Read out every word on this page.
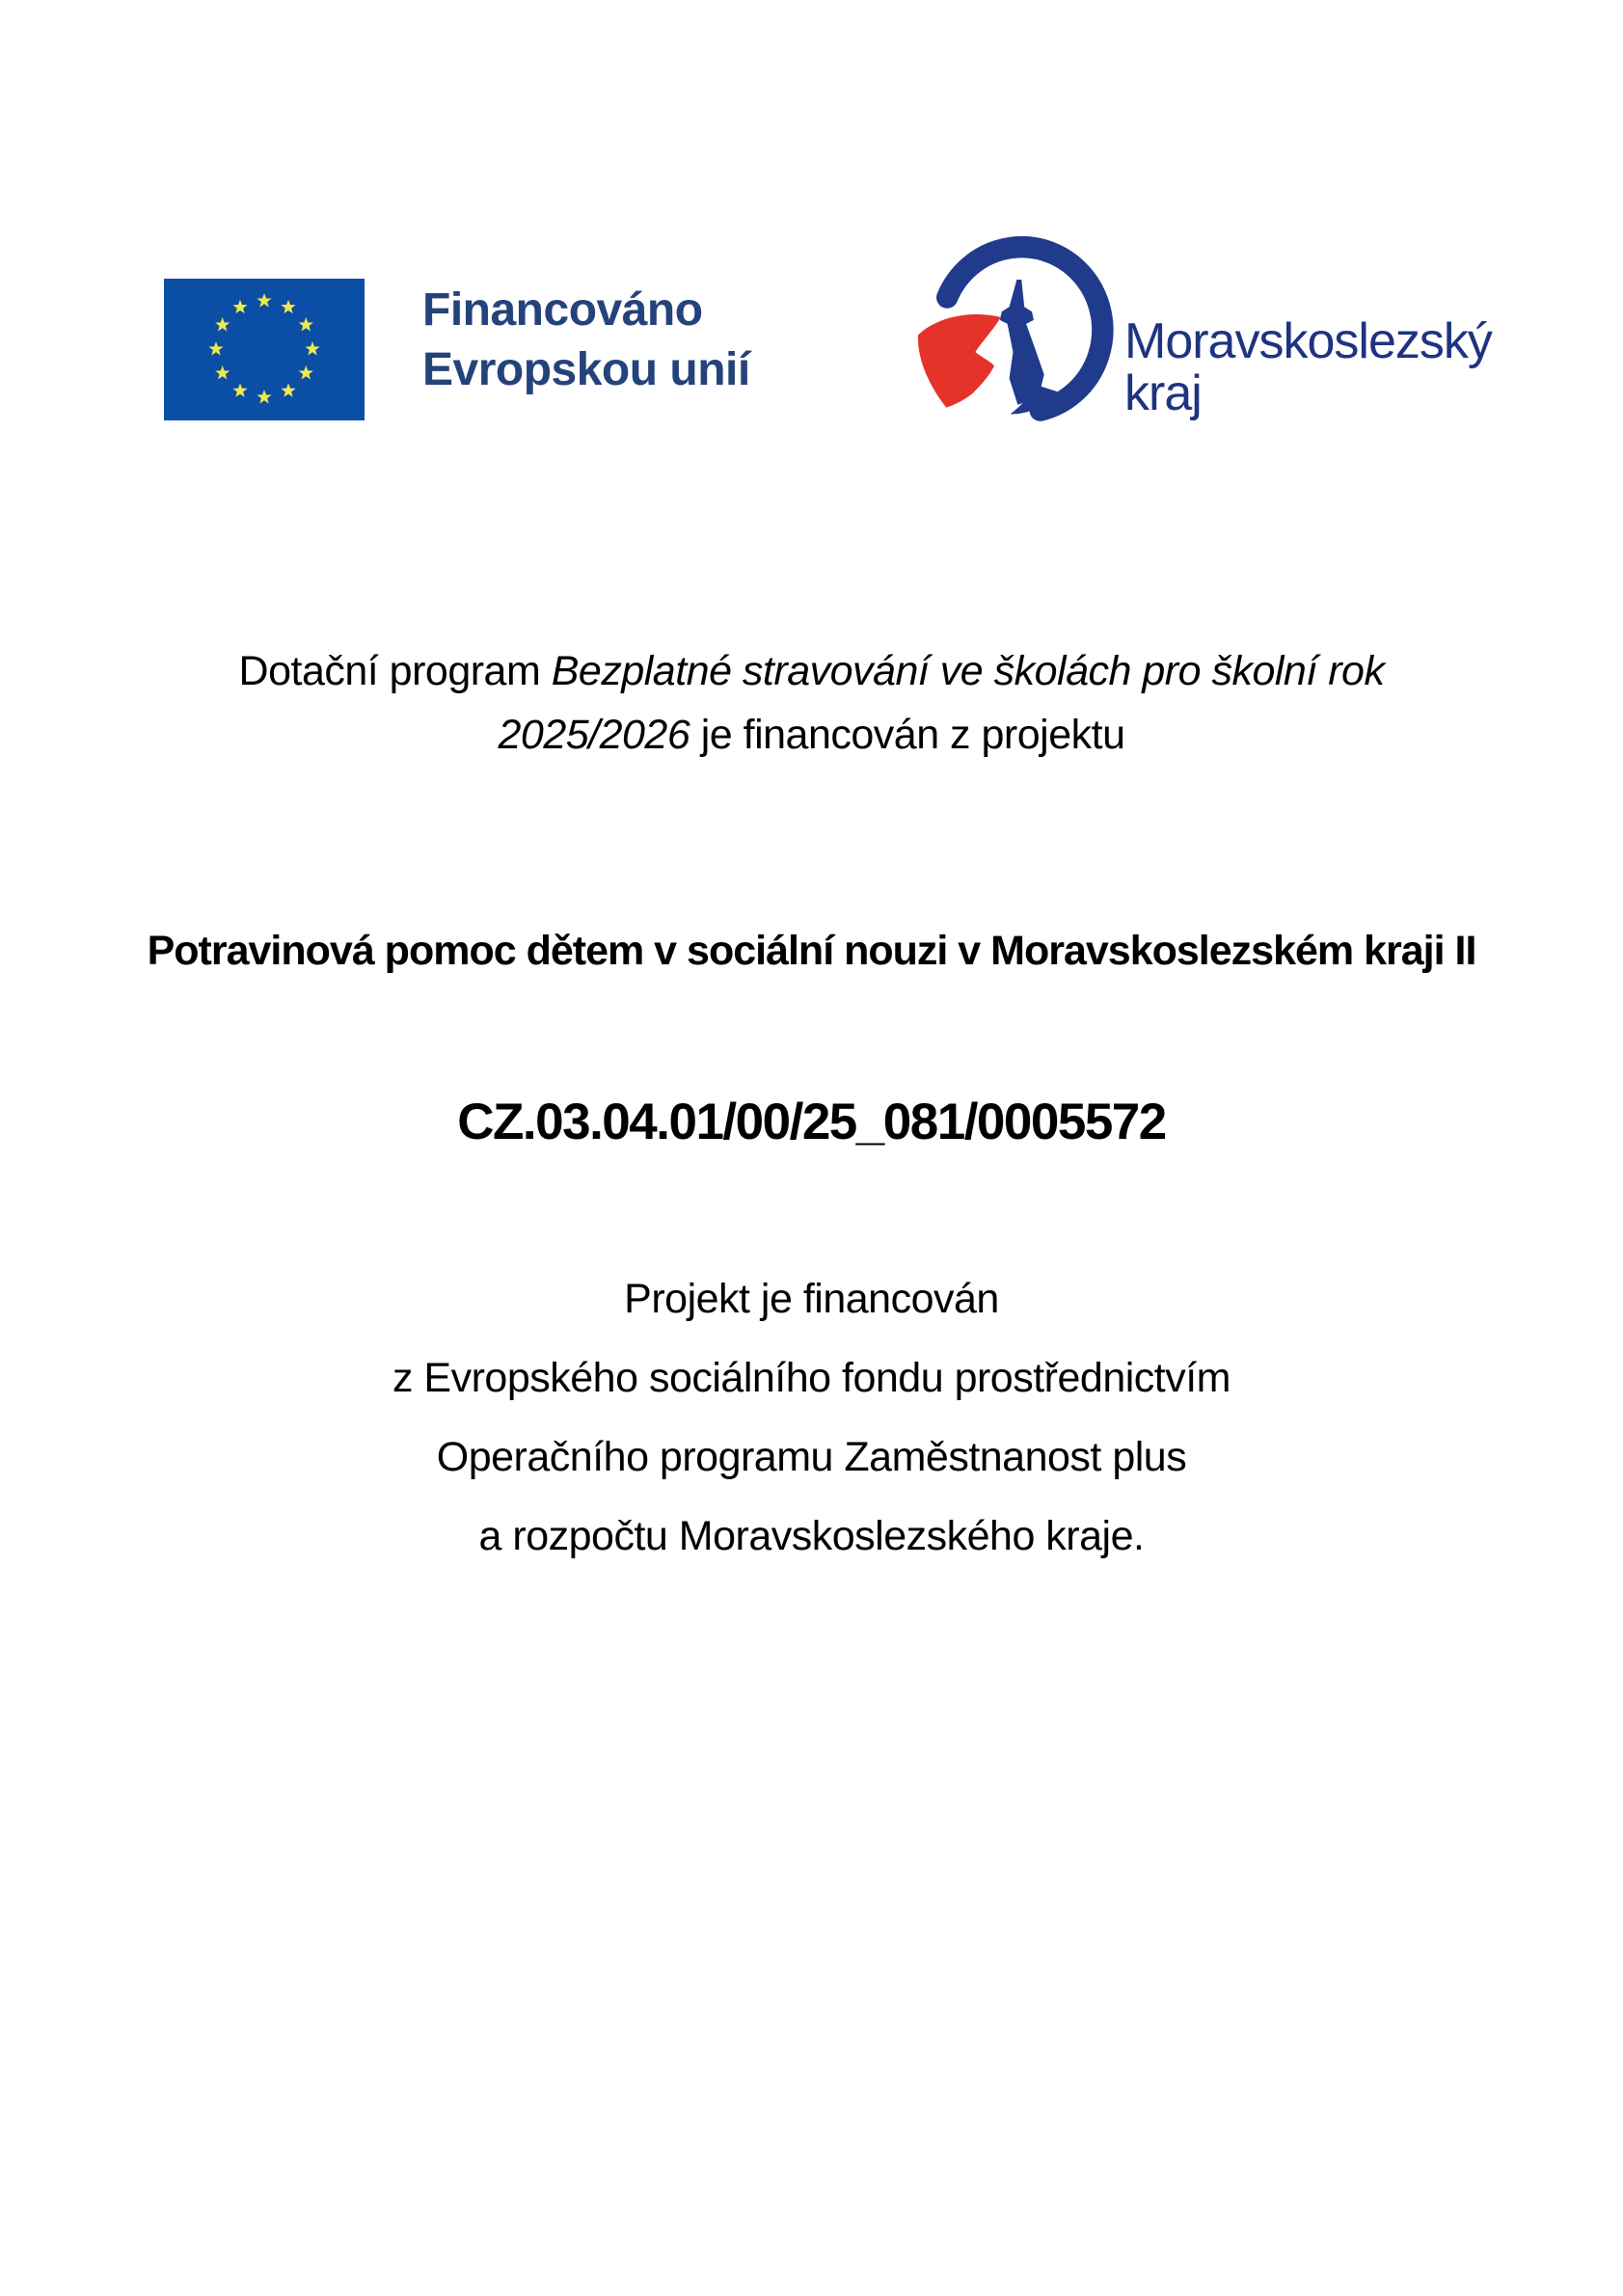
Financováno
Evropskou unií
Moravskoslezský
kraj

Dotační program Bezplatné stravování ve školách pro školní rok
2025/2026 je financován z projektu

Potravinová pomoc dětem v sociální nouzi v Moravskoslezském kraji II

CZ.03.04.01/00/25_081/0005572

Projekt je financován

z Evropského sociálního fondu prostřednictvím

Operačního programu Zaměstnanost plus

a rozpočtu Moravskoslezského kraje.
